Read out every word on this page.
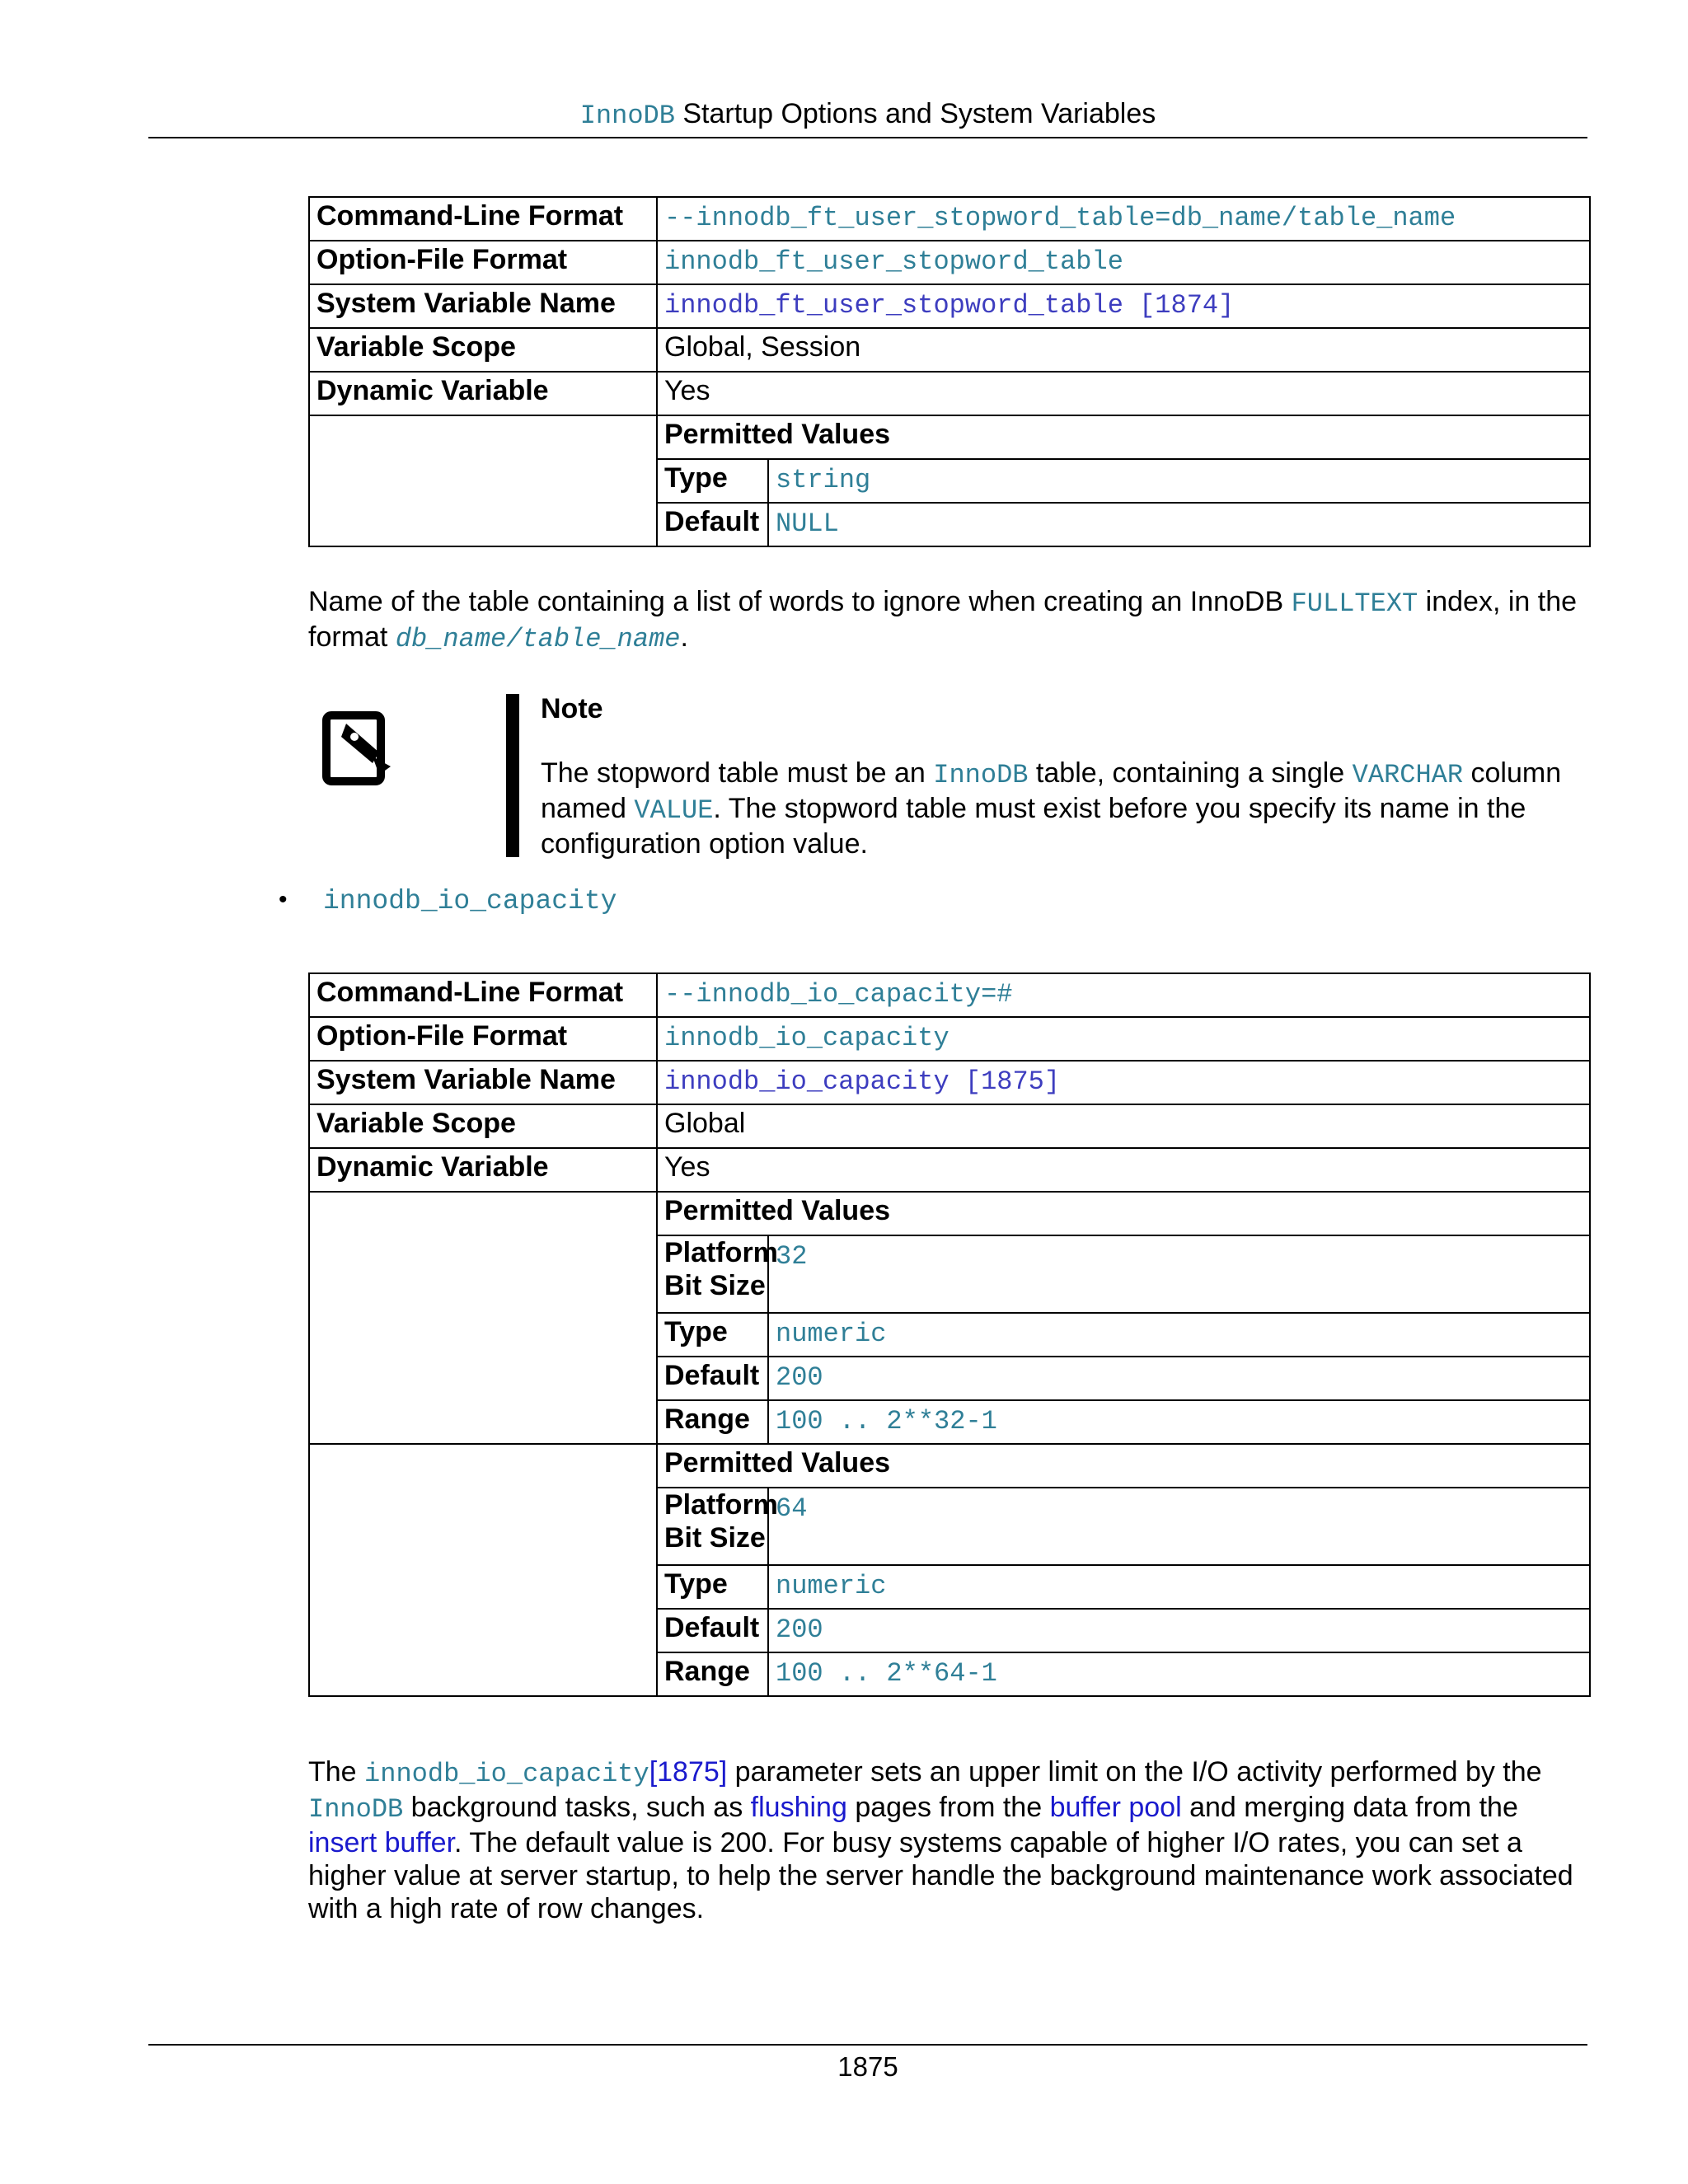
InnoDB Startup Options and System Variables
Command-Line Format	--innodb_ft_user_stopword_table=db_name/table_name
Option-File Format	innodb_ft_user_stopword_table
System Variable Name	innodb_ft_user_stopword_table [1874]
Variable Scope	Global, Session
Dynamic Variable	Yes

Permitted Values
Type	string
Default	NULL
Name of the table containing a list of words to ignore when creating an InnoDB FULLTEXT index, in the format db_name/table_name.
Note
The stopword table must be an InnoDB table, containing a single VARCHAR column named VALUE. The stopword table must exist before you specify its name in the configuration option value.
• innodb_io_capacity
Command-Line Format	--innodb_io_capacity=#
Option-File Format	innodb_io_capacity
System Variable Name	innodb_io_capacity [1875]
Variable Scope	Global
Dynamic Variable	Yes

Permitted Values
Platform Bit Size	32
Type	numeric
Default	200
Range	100 .. 2**32-1

Permitted Values
Platform Bit Size	64
Type	numeric
Default	200
Range	100 .. 2**64-1
The innodb_io_capacity[1875] parameter sets an upper limit on the I/O activity performed by the InnoDB background tasks, such as flushing pages from the buffer pool and merging data from the insert buffer. The default value is 200. For busy systems capable of higher I/O rates, you can set a higher value at server startup, to help the server handle the background maintenance work associated with a high rate of row changes.
1875
